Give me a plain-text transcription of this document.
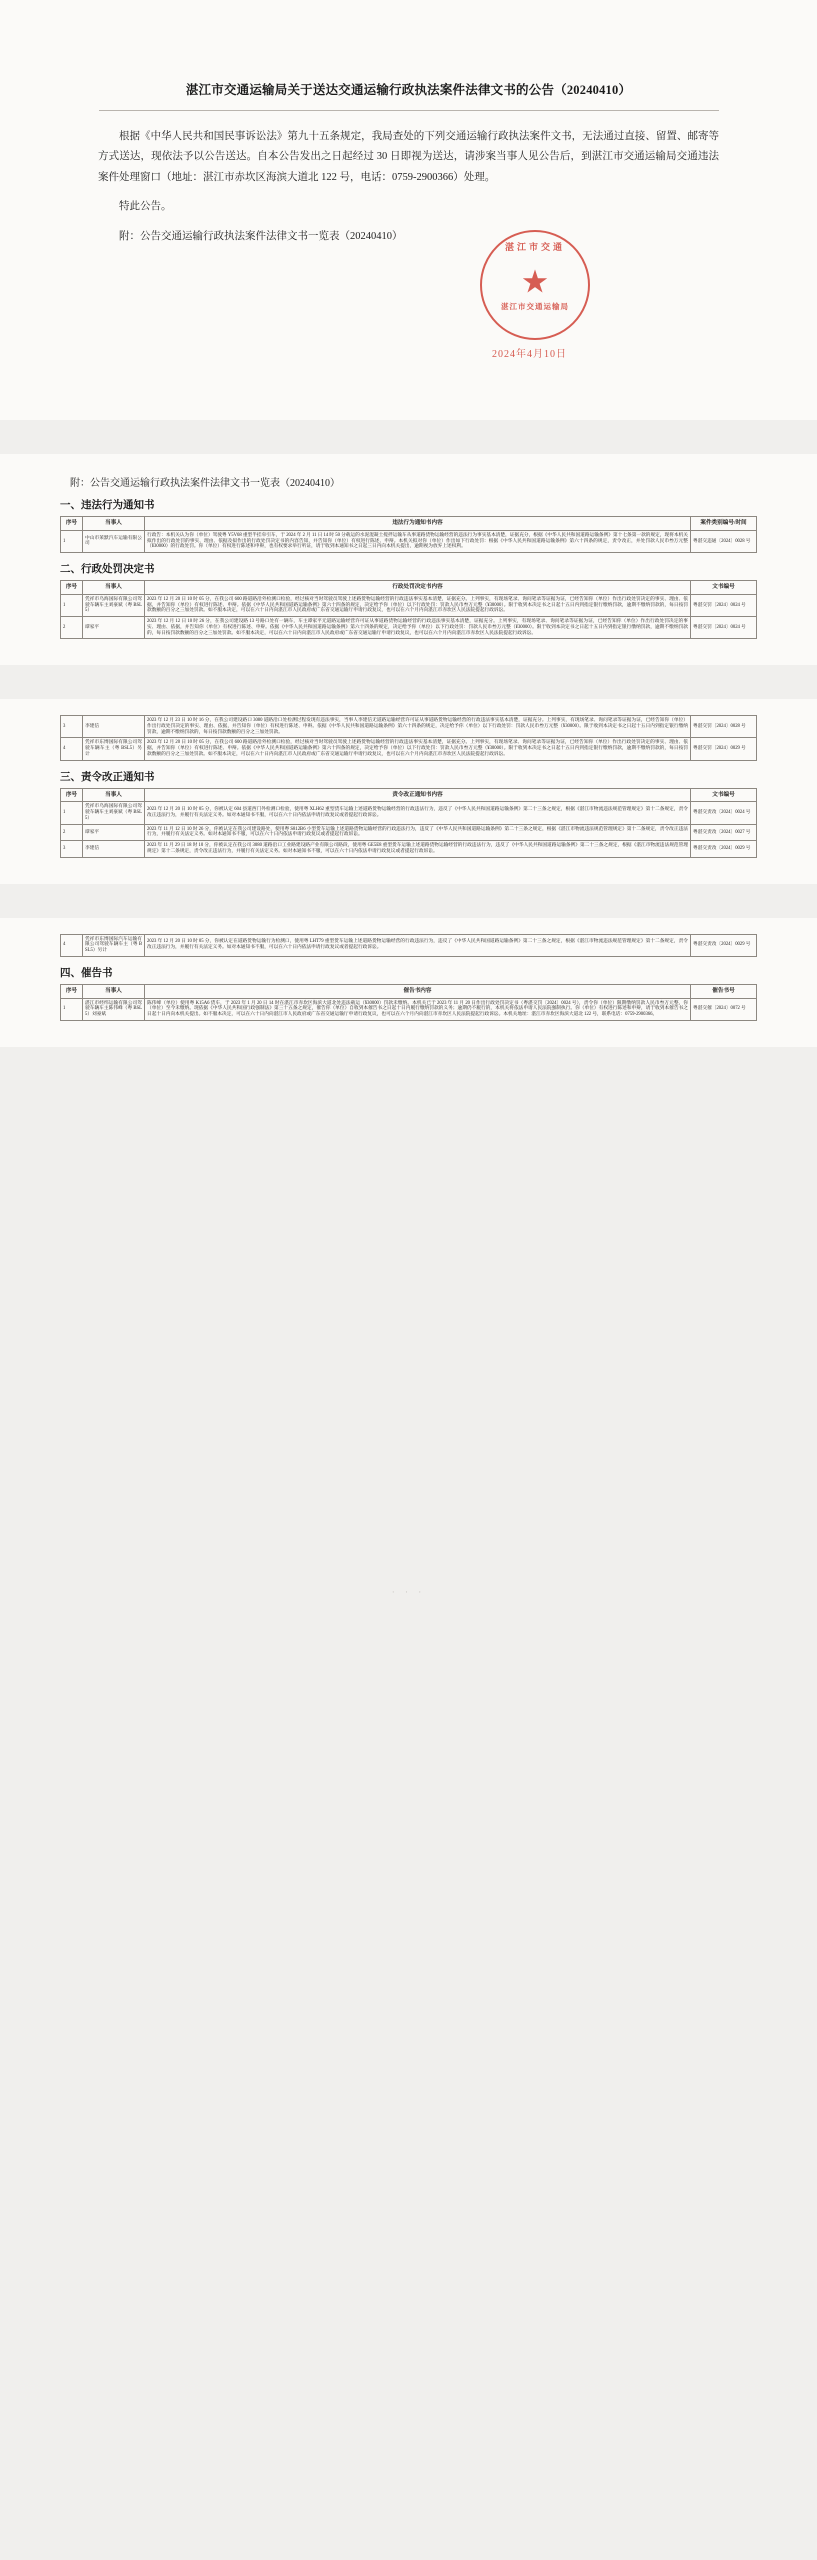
湛江市交通运输局关于送达交通运输行政执法案件法律文书的公告（20240410）
根据《中华人民共和国民事诉讼法》第九十五条规定，我局查处的下列交通运输行政执法案件文书，无法通过直接、留置、邮寄等方式送达，现依法予以公告送达。自本公告发出之日起经过 30 日即视为送达，请涉案当事人见公告后，到湛江市交通运输局交通违法案件处理窗口（地址：湛江市赤坎区海滨大道北 122 号，电话：0759-2900366）处理。
特此公告。
附：公告交通运输行政执法案件法律文书一览表（20240410）
湛江市交通
★
湛江市交通运输局
2024年4月10日
附：公告交通运输行政执法案件法律文书一览表（20240410）
一、违法行为通知书
序号	当事人	违法行为通知书内容	案件类别编号/时间
1	中山市莱默汽车运输有限公司	行政告：本机关认为你（单位）驾驶粤 Y5V68 重型半挂牵引车，于 2024 年 2 月 11 日 14 时 50 分载运的水泥混凝土搅拌运输车从事道路货物运输经营的违法行为事实基本清楚，证据充分，根据《中华人民共和国道路运输条例》第十七条第一款的规定，现将本机关拟作出的行政处罚的事实、理由、依据及拟作出的行政处罚决定书的内容告知，并告知你（单位）有权进行陈述、申辩。本机关拟对你（单位）作出如下行政处罚：根据《中华人民共和国道路运输条例》第六十四条的规定，责令改正，并处罚款人民币叁万元整（¥30000）的行政处罚。你（单位）有权进行陈述和申辩，也有权要求举行听证，请于收到本通知书之日起三日内向本机关提出，逾期视为放弃上述权利。	粤湛交违通〔2024〕0028 号
二、行政处罚决定书
序号	当事人	行政处罚决定书内容	文书编号
1	凭祥市乌海国际有限公司驾驶车辆车主刘豪斌（粤 BSL5）	2023 年 12 月 20 日 10 时 05 分，在我公司 600 路道路沿外检测口检验，经过核对当时驾驶员驾驶上述路货物运输经营的行政违法事实基本清楚，证据充分。上列事实，有现场笔录、询问笔录等证据为证，已经告知你（单位）作出行政处罚决定的事实、理由、依据，并告知你（单位）有权进行陈述、申辩。依据《中华人民共和国道路运输条例》第六十四条的规定，决定给予你（单位）以下行政处罚：罚款人民币叁万元整（¥30000）。限于收到本决定书之日起十五日内到指定银行缴纳罚款，逾期不缴纳罚款的，每日按罚款数额的百分之三加处罚款。如不服本决定，可以在六十日内向湛江市人民政府或广东省交通运输厅申请行政复议，也可以在六个月内向湛江市赤坎区人民法院提起行政诉讼。	粤湛交罚〔2024〕0024 号
2	谭家平	2023 年 12 月 12 日 10 时 26 分，在我公司建设路 13 号路口处有一辆车，车主谭家平无道路运输经营许可证从事道路货物运输经营的行政违法事实基本清楚，证据充分。上列事实，有现场笔录、询问笔录等证据为证，已经告知你（单位）作出行政处罚决定的事实、理由、依据，并告知你（单位）有权进行陈述、申辩。依据《中华人民共和国道路运输条例》第六十四条的规定，决定给予你（单位）以下行政处罚：罚款人民币叁万元整（¥30000）。限于收到本决定书之日起十五日内到指定银行缴纳罚款，逾期不缴纳罚款的，每日按罚款数额的百分之三加处罚款。如不服本决定，可以在六十日内向湛江市人民政府或广东省交通运输厅申请行政复议，也可以在六个月内向湛江市赤坎区人民法院提起行政诉讼。	粤湛交罚〔2024〕0024 号
3	李建信	2023 年 12 月 23 日 10 时 16 分，在我公司建设路口 3080 道路沿口处检测过程发现有违法事实，当事人李建信无道路运输经营许可证从事道路货物运输经营的行政违法事实基本清楚，证据充分。上列事实，有现场笔录、询问笔录等证据为证，已经告知你（单位）作出行政处罚决定的事实、理由、依据，并告知你（单位）有权进行陈述、申辩。依据《中华人民共和国道路运输条例》第六十四条的规定，决定给予你（单位）以下行政处罚：罚款人民币叁万元整（¥30000）。限于收到本决定书之日起十五日内到指定银行缴纳罚款，逾期不缴纳罚款的，每日按罚款数额的百分之三加处罚款。	粤湛交罚〔2024〕0028 号
4	凭祥市东博国际有限公司驾驶车辆车主（粤 BSL5）另计	2023 年 12 月 20 日 10 时 05 分，在我公司 600 路道路沿外检测口检验，经过核对当时驾驶员驾驶上述路货物运输经营的行政违法事实基本清楚，证据充分。上列事实，有现场笔录、询问笔录等证据为证，已经告知你（单位）作出行政处罚决定的事实、理由、依据，并告知你（单位）有权进行陈述、申辩。依据《中华人民共和国道路运输条例》第六十四条的规定，决定给予你（单位）以下行政处罚：罚款人民币叁万元整（¥30000）。限于收到本决定书之日起十五日内到指定银行缴纳罚款，逾期不缴纳罚款的，每日按罚款数额的百分之三加处罚款。如不服本决定，可以在六十日内向湛江市人民政府或广东省交通运输厅申请行政复议，也可以在六个月内向湛江市赤坎区人民法院提起行政诉讼。	粤湛交罚〔2024〕0029 号
三、责令改正通知书
序号	当事人	责令改正通知书内容	文书编号
1	凭祥市乌海国际有限公司驾驶车辆车主刘豪斌（粤 BSL5）	2023 年 12 月 20 日 10 时 05 分，你被认定 604 县道西门外检测口检验，使用粤 XLH62 重型货车运输上述道路货物运输经营的行政违法行为，违反了《中华人民共和国道路运输条例》第二十三条之规定，根据《湛江市物流违法规范管理规定》第十二条规定，责令改正违法行为，并履行有关法定义务。如对本通知书不服，可以在六十日内依法申请行政复议或者提起行政诉讼。	粤湛交责改〔2024〕0024 号
2	谭家平	2023 年 11 月 12 日 10 时 26 分，你被认定在我公司建设路处，使用粤 S812B6 小型货车运输上述道路货物运输经营的行政违法行为，违反了《中华人民共和国道路运输条例》第二十三条之规定，根据《湛江市物流违法规范管理规定》第十二条规定，责令改正违法行为，并履行有关法定义务。如对本通知书不服，可以在六十日内依法申请行政复议或者提起行政诉讼。	粤湛交责改〔2024〕0027 号
3	李建信	2023 年 11 月 29 日 18 时 10 分，你被认定在我公司 3080 道路沿口工业路建设路产业有限公司路段，使用粤 GE5E8 重型货车运输上述道路货物运输经营的行政违法行为，违反了《中华人民共和国道路运输条例》第二十三条之规定，根据《湛江市物流违法规范管理规定》第十二条规定，责令改正违法行为，并履行有关法定义务。如对本通知书不服，可以在六十日内依法申请行政复议或者提起行政诉讼。	粤湛交责改〔2024〕0029 号
4	凭祥市东博国际汽车运输有限公司驾驶车辆车主（粤 BSL5）另计	2023 年 12 月 20 日 10 时 05 分，你被认定在道路货物运输行为检测口，使用粤 LHT79 重型货车运输上述道路货物运输经营的行政违法行为，违反了《中华人民共和国道路运输条例》第二十三条之规定，根据《湛江市物流违法规范管理规定》第十二条规定，责令改正违法行为，并履行有关法定义务。如对本通知书不服，可以在六十日内依法申请行政复议或者提起行政诉讼。	粤湛交责改〔2024〕0029 号
四、催告书
序号	当事人	催告书内容	催告书号
1	湛江市经纬运输有限公司驾驶车辆车主陈伟峰（粤 BSL5）刘豪斌	陈伟峰（单位）使用粤 K15A6 货车，于 2023 年 1 月 20 日 14 时在湛江市赤坎区海滨大道北处违法载运（¥30000）罚款未缴纳。本机关已于 2023 年 11 月 20 日作出行政处罚决定书（粤湛交罚〔2024〕0024 号），责令你（单位）限期缴纳罚款人民币叁万元整，你（单位）至今未缴纳。现依据《中华人民共和国行政强制法》第三十五条之规定，催告你（单位）自收到本催告书之日起十日内履行缴纳罚款的义务；逾期仍不履行的，本机关将依法申请人民法院强制执行。你（单位）有权进行陈述和申辩，请于收到本催告书之日起十日内向本机关提出。如不服本决定，可以在六十日内向湛江市人民政府或广东省交通运输厅申请行政复议，也可以在六个月内向湛江市赤坎区人民法院提起行政诉讼。本机关地址：湛江市赤坎区海滨大道北 122 号，联系电话：0759-2900366。	粤湛交催〔2024〕0072 号
· · ·
